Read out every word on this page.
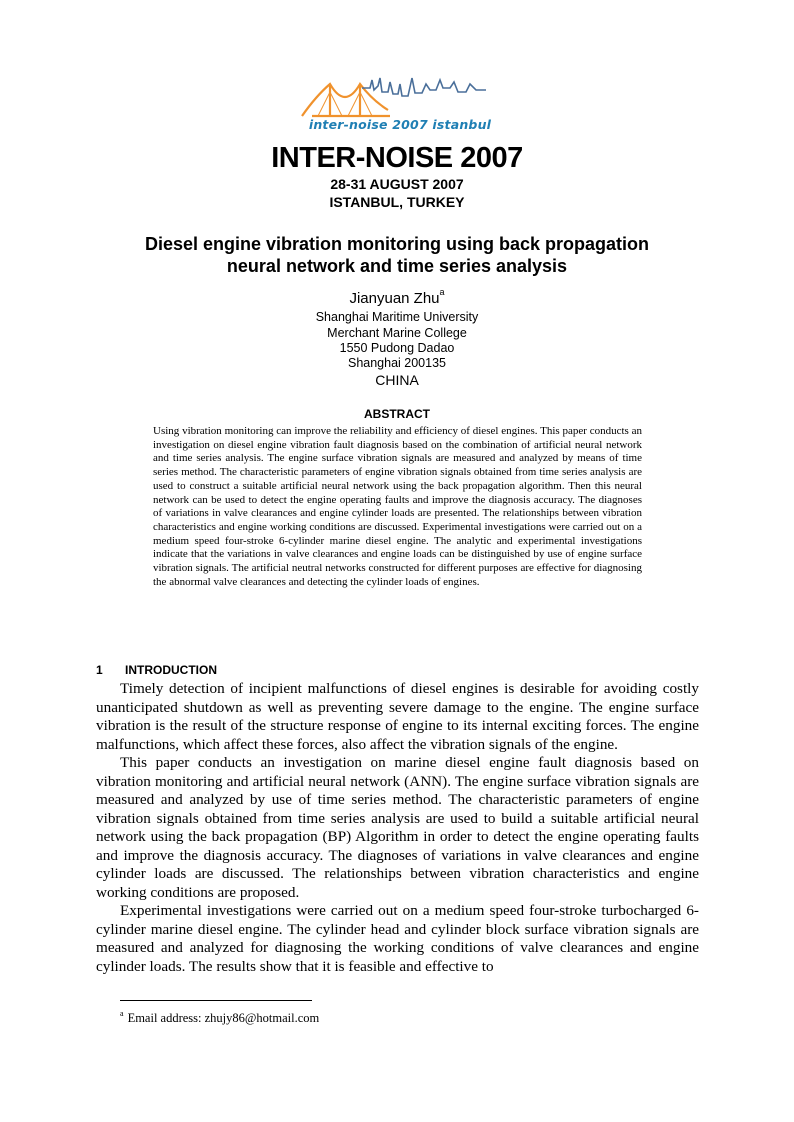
inter-noise 2007 istanbul
INTER-NOISE 2007
28-31 AUGUST 2007
ISTANBUL, TURKEY
Diesel engine vibration monitoring using back propagation
neural network and time series analysis
Jianyuan Zhu$^a$
Shanghai Maritime University
Merchant Marine College
1550 Pudong Dadao
Shanghai 200135
CHINA
ABSTRACT
Using vibration monitoring can improve the reliability and efficiency of diesel engines. This paper conducts an investigation on diesel engine vibration fault diagnosis based on the combination of artificial neural network and time series analysis. The engine surface vibration signals are measured and analyzed by means of time series method. The characteristic parameters of engine vibration signals obtained from time series analysis are used to construct a suitable artificial neural network using the back propagation algorithm. Then this neural network can be used to detect the engine operating faults and improve the diagnosis accuracy. The diagnoses of variations in valve clearances and engine cylinder loads are presented. The relationships between vibration characteristics and engine working conditions are discussed. Experimental investigations were carried out on a medium speed four-stroke 6-cylinder marine diesel engine. The analytic and experimental investigations indicate that the variations in valve clearances and engine loads can be distinguished by use of engine surface vibration signals. The artificial neutral networks constructed for different purposes are effective for diagnosing the abnormal valve clearances and detecting the cylinder loads of engines.
1 INTRODUCTION

Timely detection of incipient malfunctions of diesel engines is desirable for avoiding costly unanticipated shutdown as well as preventing severe damage to the engine. The engine surface vibration is the result of the structure response of engine to its internal exciting forces. The engine malfunctions, which affect these forces, also affect the vibration signals of the engine.

This paper conducts an investigation on marine diesel engine fault diagnosis based on vibration monitoring and artificial neural network (ANN). The engine surface vibration signals are measured and analyzed by use of time series method. The characteristic parameters of engine vibration signals obtained from time series analysis are used to build a suitable artificial neural network using the back propagation (BP) Algorithm in order to detect the engine operating faults and improve the diagnosis accuracy. The diagnoses of variations in valve clearances and engine cylinder loads are discussed. The relationships between vibration characteristics and engine working conditions are proposed.

Experimental investigations were carried out on a medium speed four-stroke turbocharged 6-cylinder marine diesel engine. The cylinder head and cylinder block surface vibration signals are measured and analyzed for diagnosing the working conditions of valve clearances and engine cylinder loads. The results show that it is feasible and effective to

$^a$ Email address: zhujy86@hotmail.com
